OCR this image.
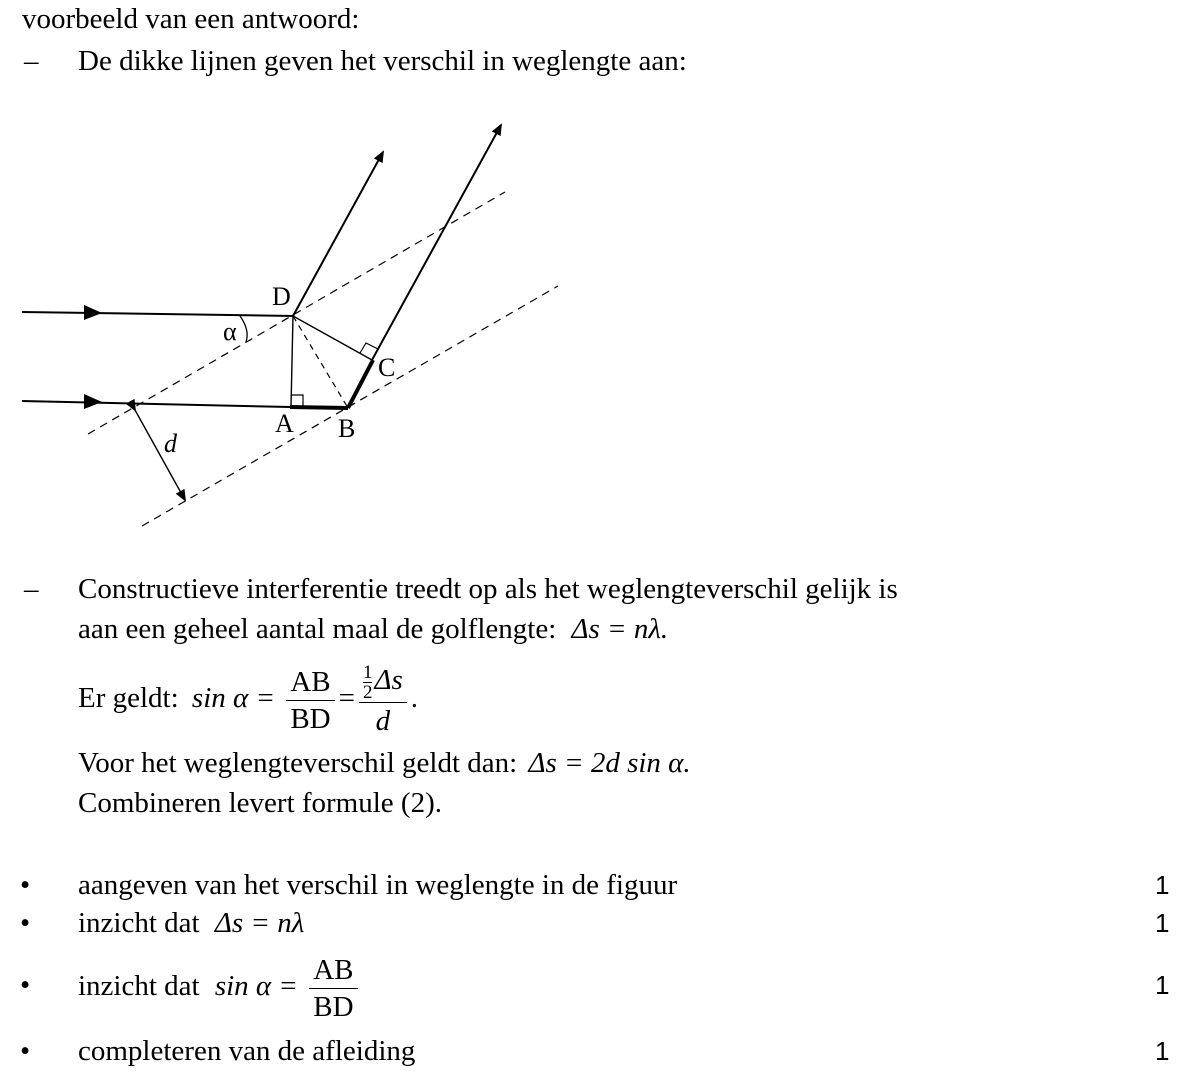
voorbeeld van een antwoord:
– De dikke lijnen geven het verschil in weglengte aan:
D
C
A B
α
d
– Constructieve interferentie treedt op als het weglengteverschil gelijk is
aan een geheel aantal maal de golflengte: Δs = nλ.
Er geldt: $\sin \alpha = \frac{AB}{BD} = \frac{\frac{1}{2} \Delta s}{d}$ .
Voor het weglengteverschil geldt dan: Δs = 2d sin α.
Combineren levert formule (2).
• aangeven van het verschil in weglengte in de figuur	1
• inzicht dat Δs = nλ	1
• inzicht dat $\sin \alpha = \frac{AB}{BD}$	1
• completeren van de afleiding	1
